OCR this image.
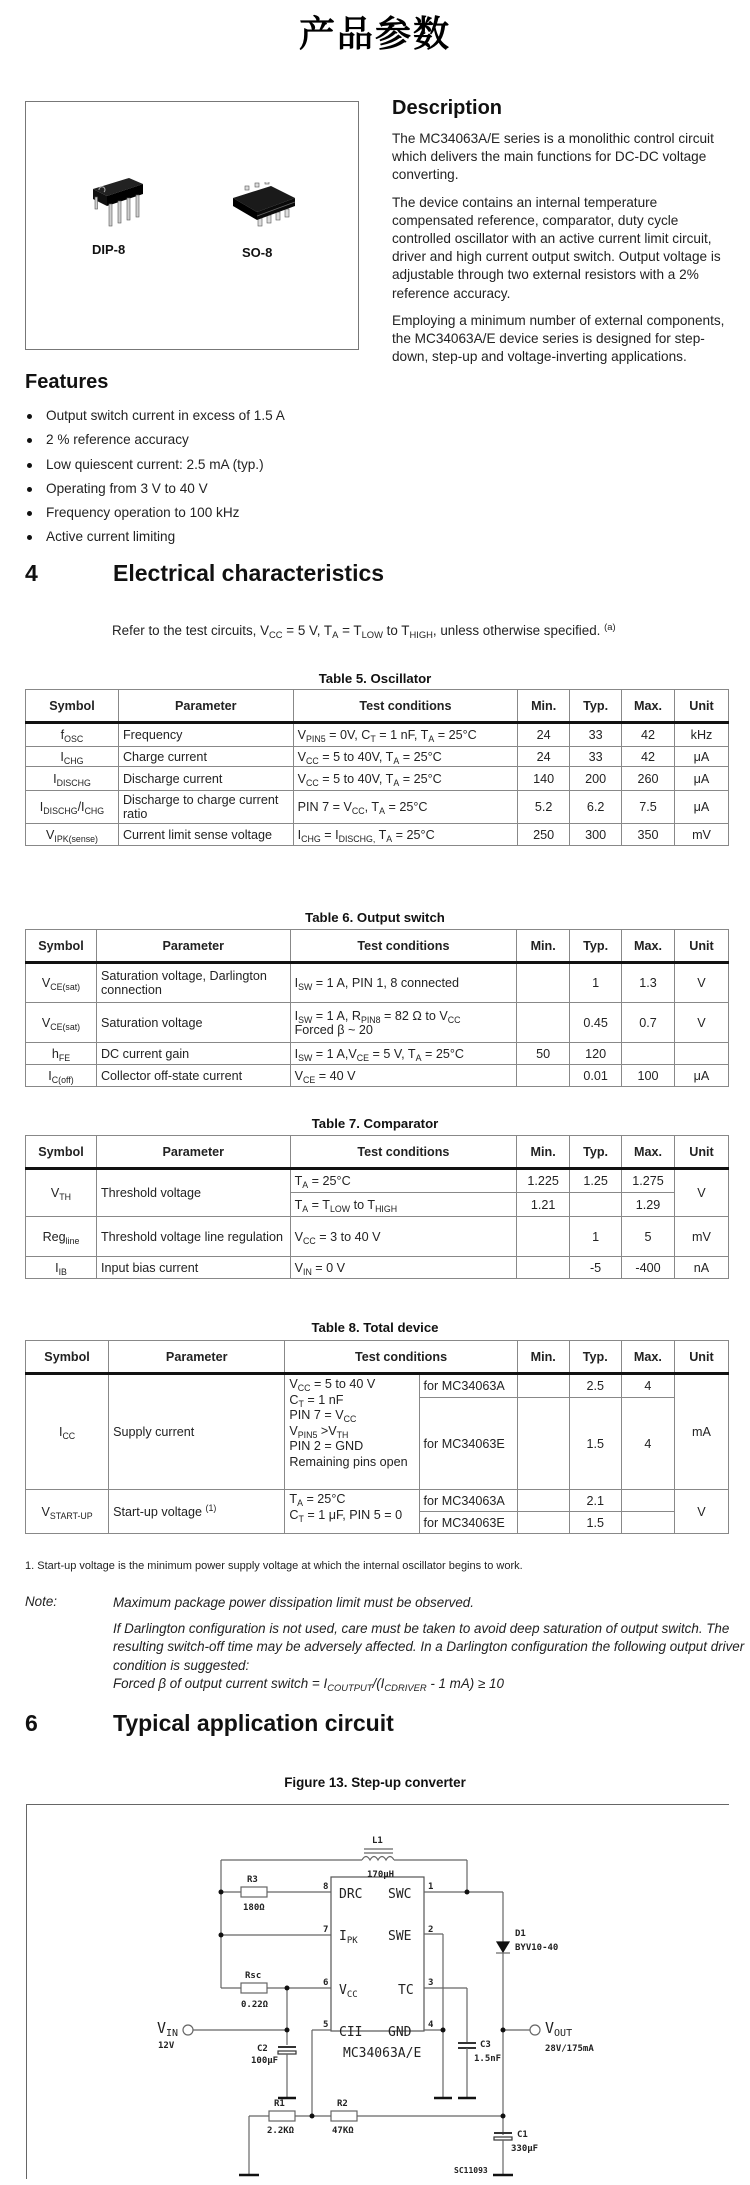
产品参数
DIP-8	SO-8
Description

The MC34063A/E series is a monolithic control circuit which delivers the main functions for DC-DC voltage converting.

The device contains an internal temperature compensated reference, comparator, duty cycle controlled oscillator with an active current limit circuit, driver and high current output switch. Output voltage is adjustable through two external resistors with a 2% reference accuracy.

Employing a minimum number of external components, the MC34063A/E device series is designed for step-down, step-up and voltage-inverting applications.

Features
Output switch current in excess of 1.5 A
2 % reference accuracy
Low quiescent current: 2.5 mA (typ.)
Operating from 3 V to 40 V
Frequency operation to 100 kHz
Active current limiting
4	Electrical characteristics
Refer to the test circuits, $V_{CC} = 5$ V, $T_A = T_{LOW}$ to $T_{HIGH}$, unless otherwise specified. $^{(a)}$
Table 5. Oscillator
Symbol	Parameter	Test conditions	Min.	Typ.	Max.	Unit
$f_{OSC}$	Frequency	$V_{PIN5} = 0V$, $C_T = 1$ nF, $T_A = 25^\circ C$	24	33	42	kHz
$I_{CHG}$	Charge current	$V_{CC} = 5$ to 40V, $T_A = 25^\circ C$	24	33	42	μA
$I_{DISCHG}$	Discharge current	$V_{CC} = 5$ to 40V, $T_A = 25^\circ C$	140	200	260	μA
$I_{DISCHG}/I_{CHG}$	Discharge to charge current ratio	PIN $7 = V_{CC}$, $T_A = 25^\circ C$	5.2	6.2	7.5	μA
$V_{IPK(sense)}$	Current limit sense voltage	$I_{CHG} = I_{DISCHG,}$ $T_A = 25^\circ C$	250	300	350	mV
Table 6. Output switch
Symbol	Parameter	Test conditions	Min.	Typ.	Max.	Unit
$V_{CE(sat)}$	Saturation voltage, Darlington connection	$I_{SW} = 1$ A, PIN 1, 8 connected		1	1.3	V
$V_{CE(sat)}$	Saturation voltage	$I_{SW} = 1$ A, $R_{PIN8} = 82$ Ω to $V_{CC}$
Forced β ~ 20		0.45	0.7	V
$h_{FE}$	DC current gain	$I_{SW} = 1$ $A,V_{CE} = 5$ V, $T_A = 25^\circ C$	50	120		
$I_{C(off)}$	Collector off-state current	$V_{CE} = 40$ V		0.01	100	μA
Table 7. Comparator
Symbol	Parameter	Test conditions	Min.	Typ.	Max.	Unit
$V_{TH}$	Threshold voltage	$T_A = 25^\circ C$	1.225	1.25	1.275	V
		$T_A = T_{LOW}$ to $T_{HIGH}$	1.21		1.29	
Reg$_{line}$	Threshold voltage line regulation	$V_{CC} = 3$ to 40 V		1	5	mV
$I_{IB}$	Input bias current	$V_{IN} = 0$ V		-5	-400	nA
Table 8. Total device
Symbol	Parameter	Test conditions		Min.	Typ.	Max.	Unit
$I_{CC}$	Supply current	$V_{CC} = 5$ to 40 V
$C_T = 1$ nF
PIN $7 = V_{CC}$
$V_{PIN5} >V_{TH}$
PIN 2 = GND
Remaining pins open	for MC34063A		2.5	4	mA
			for MC34063E		1.5	4	
$V_{START-UP}$	Start-up voltage $^{(1)}$	$T_A = 25^\circ C$
$C_T = 1$ μF, PIN 5 = 0	for MC34063A		2.1		V
			for MC34063E		1.5		
1. Start-up voltage is the minimum power supply voltage at which the internal oscillator begins to work.
Note:	Maximum package power dissipation limit must be observed.

If Darlington configuration is not used, care must be taken to avoid deep saturation of output switch. The resulting switch-off time may be adversely affected. In a Darlington configuration the following output driver condition is suggested:

Forced β of output current switch = $I_{COUTPUT}/(I_{CDRIVER} - 1$ mA) ≥ 10
6	Typical application circuit
Figure 13. Step-up converter
DRC
$I_{PK}$
$V_{CC}$
CII
SWC
SWE
TC
GND
MC34063A/E
8
7
6
5
1
2
3
4
L1
170μH
R3
180Ω
Rsc
0.22Ω
C2
100μF
R1
2.2KΩ
R2
47KΩ
C3
1.5nF
D1
BYV10-40
C1
330μF
12V	28V/175mA
SC11093
$V_{IN}$	$V_{OUT}$
